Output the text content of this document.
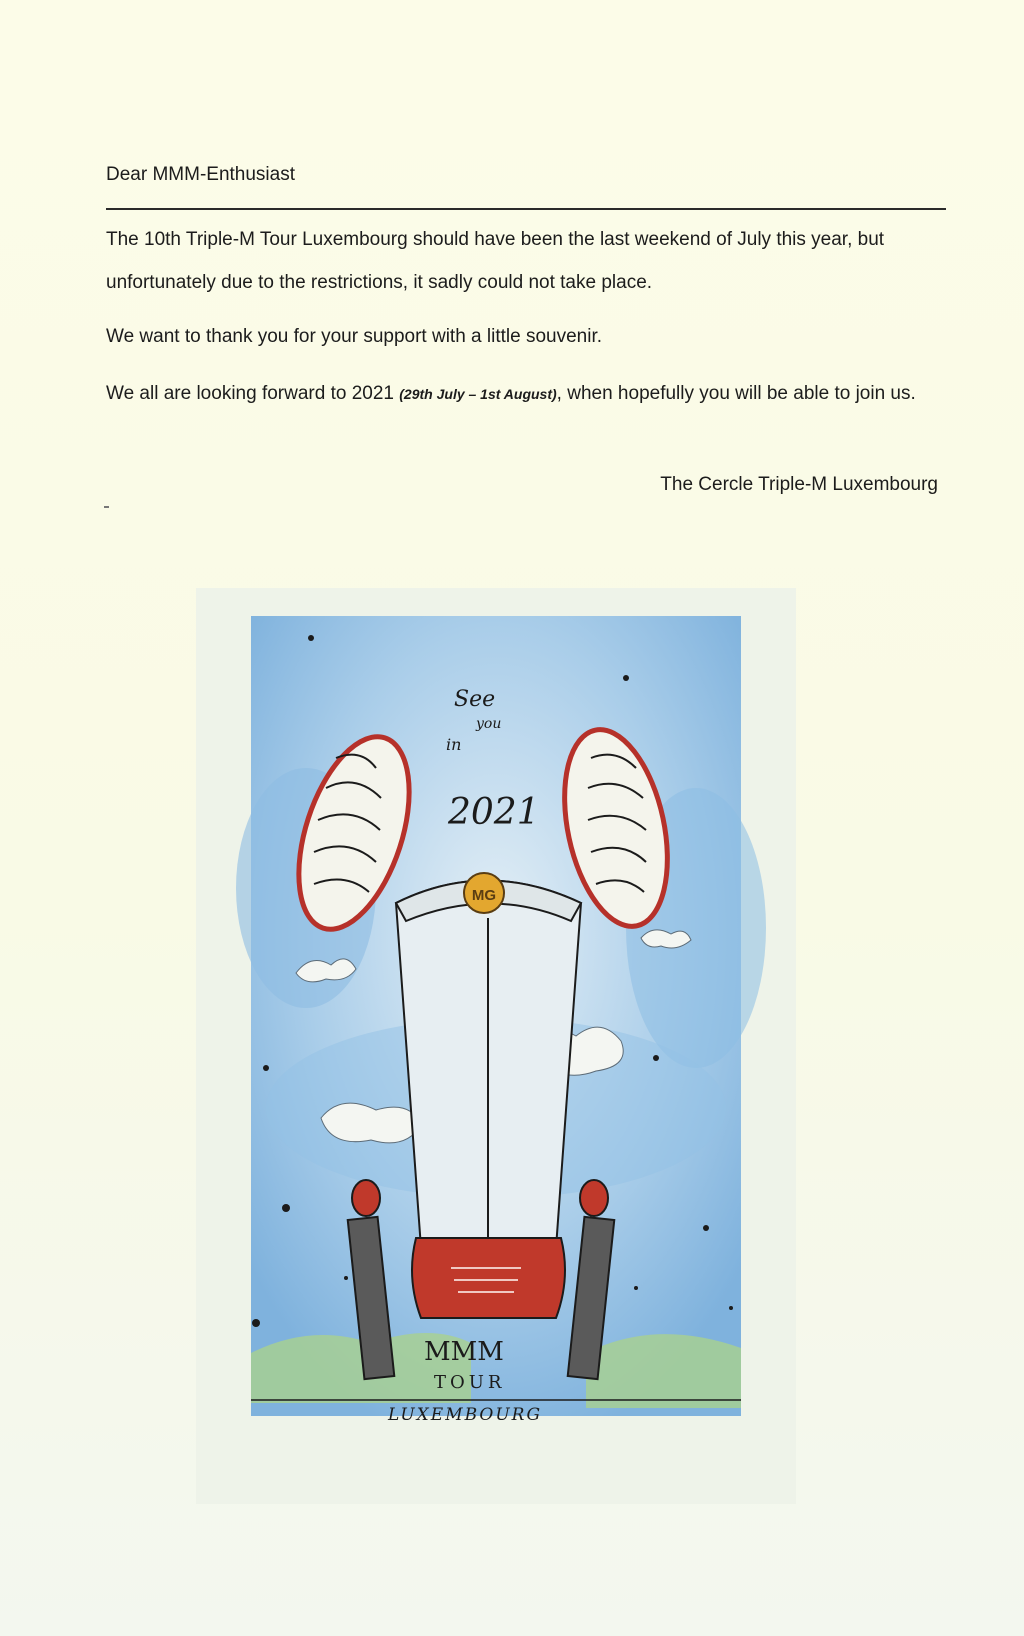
Dear MMM-Enthusiast
The 10th Triple-M Tour Luxembourg should have been the last weekend of July this year, but unfortunately due to the restrictions, it sadly could not take place.
We want to thank you for your support with a little souvenir.
We all are looking forward to 2021 (29th July – 1st August), when hopefully you will be able to join us.
The Cercle Triple-M Luxembourg
MG
See
you
in
2021
MMM
TOUR
LUXEMBOURG
